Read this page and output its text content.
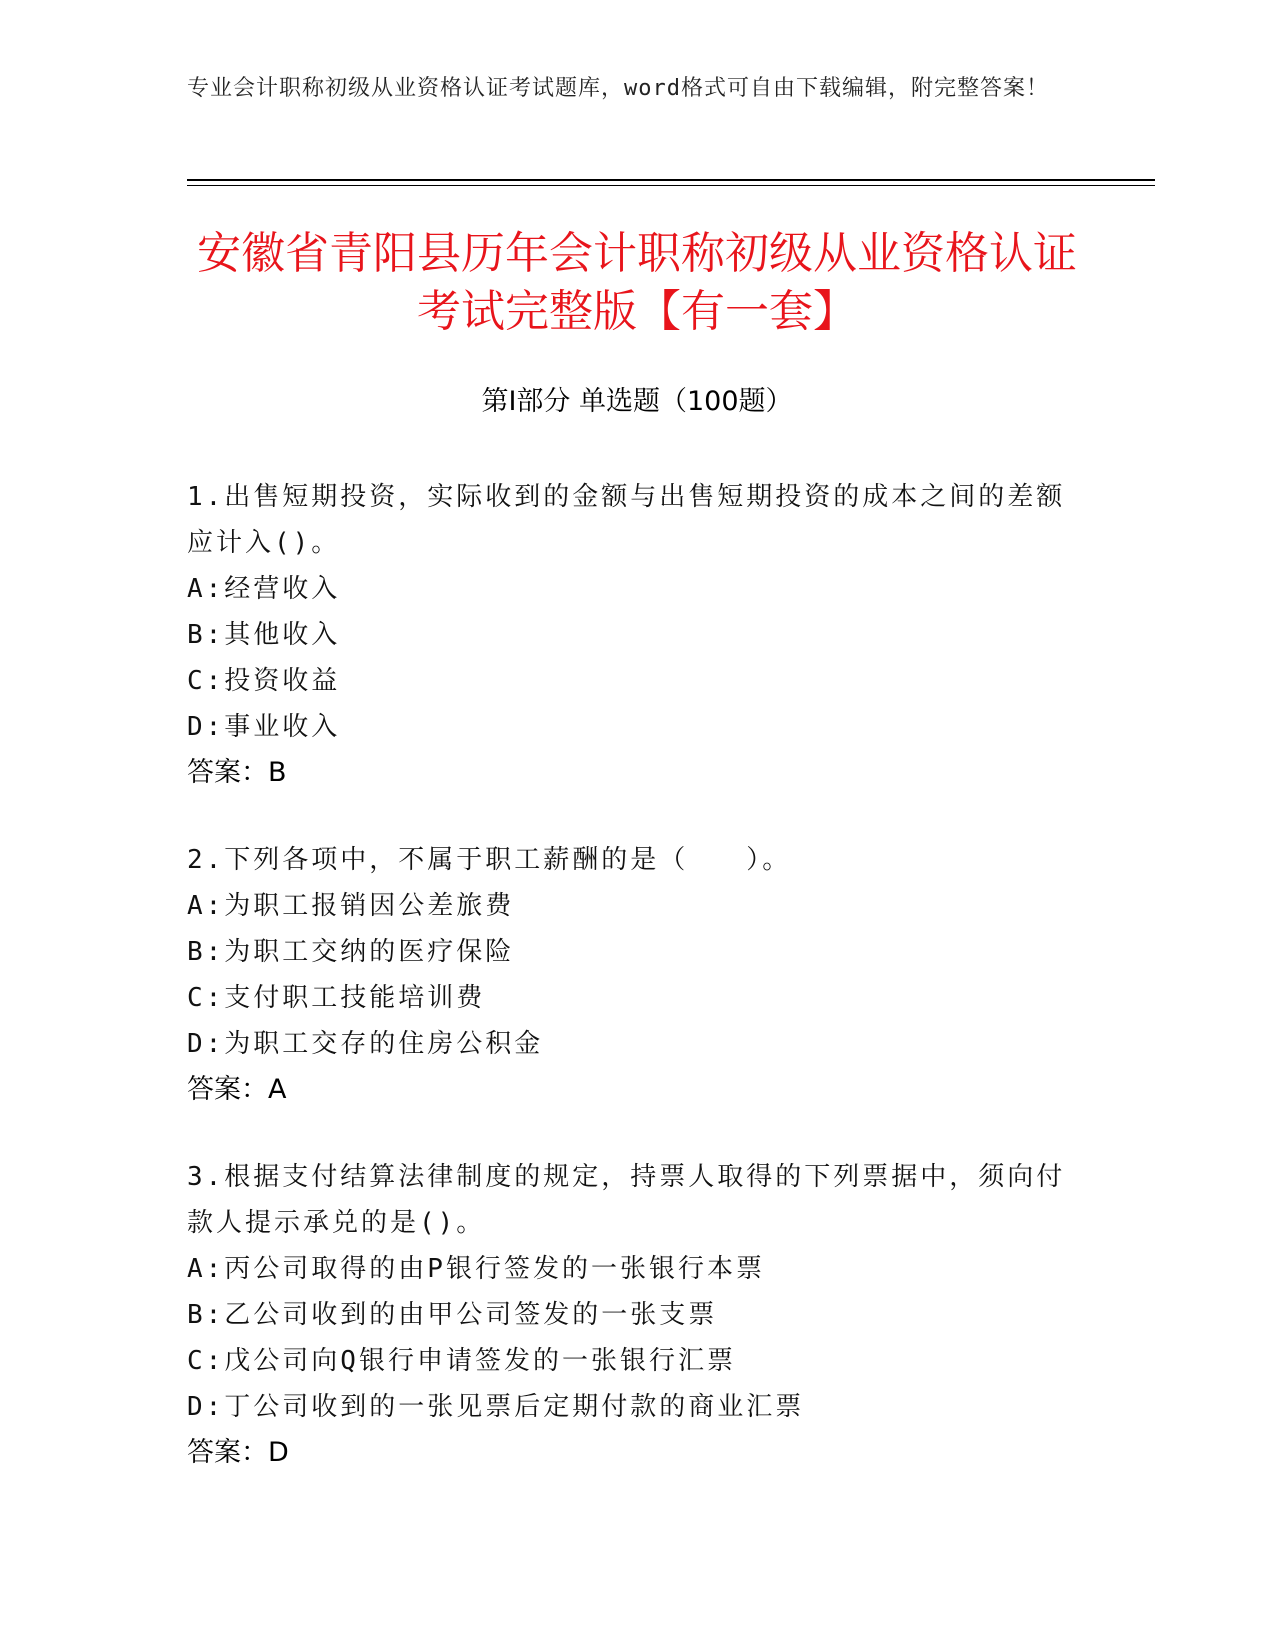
专业会计职称初级从业资格认证考试题库，word格式可自由下载编辑，附完整答案！
安徽省青阳县历年会计职称初级从业资格认证考试完整版【有一套】
第I部分 单选题（100题）
1.出售短期投资，实际收到的金额与出售短期投资的成本之间的差额应计入()。
A:经营收入
B:其他收入
C:投资收益
D:事业收入
答案：B
2.下列各项中，不属于职工薪酬的是（　　）。
A:为职工报销因公差旅费
B:为职工交纳的医疗保险
C:支付职工技能培训费
D:为职工交存的住房公积金
答案：A
3.根据支付结算法律制度的规定，持票人取得的下列票据中，须向付款人提示承兑的是()。
A:丙公司取得的由P银行签发的一张银行本票
B:乙公司收到的由甲公司签发的一张支票
C:戊公司向Q银行申请签发的一张银行汇票
D:丁公司收到的一张见票后定期付款的商业汇票
答案：D
